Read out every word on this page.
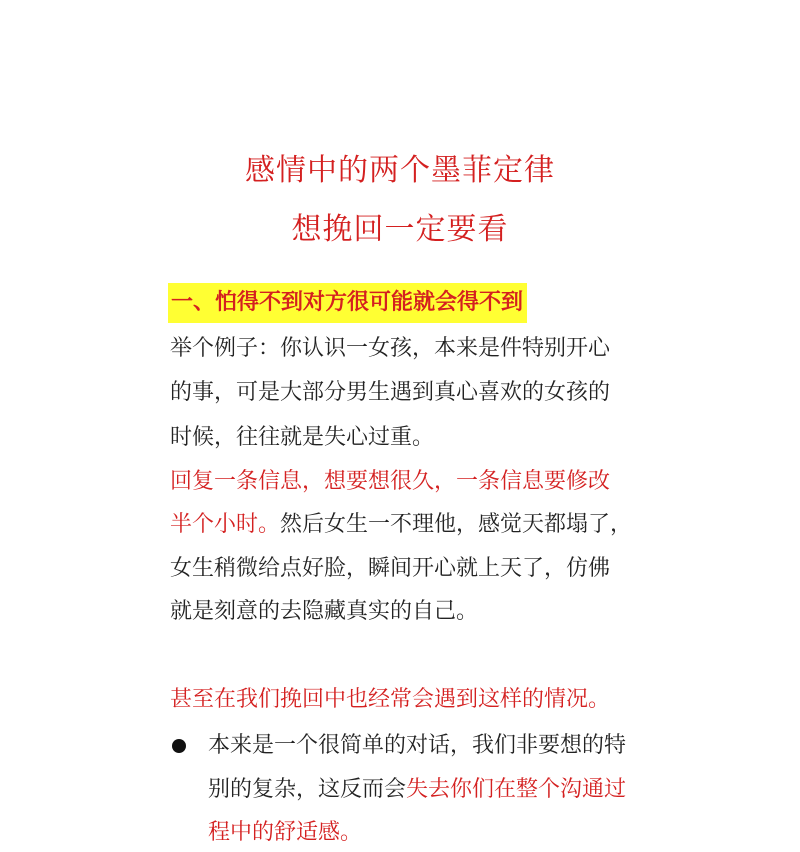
感情中的两个墨菲定律
想挽回一定要看
一、怕得不到对方很可能就会得不到
举个例子：你认识一女孩，本来是件特别开心
的事，可是大部分男生遇到真心喜欢的女孩的
时候，往往就是失心过重。
回复一条信息，想要想很久，一条信息要修改
半个小时。然后女生一不理他，感觉天都塌了，
女生稍微给点好脸，瞬间开心就上天了，仿佛
就是刻意的去隐藏真实的自己。
甚至在我们挽回中也经常会遇到这样的情况。
本来是一个很简单的对话，我们非要想的特
别的复杂，这反而会失去你们在整个沟通过
程中的舒适感。
